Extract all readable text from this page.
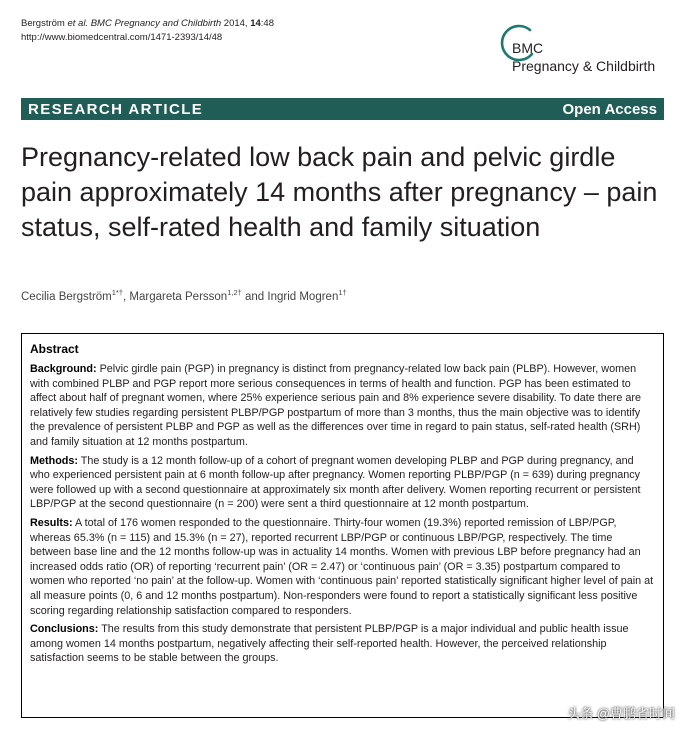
Bergström et al. BMC Pregnancy and Childbirth 2014, 14:48
http://www.biomedcentral.com/1471-2393/14/48
BMC
Pregnancy & Childbirth
RESEARCH ARTICLE	Open Access
Pregnancy-related low back pain and pelvic girdle pain approximately 14 months after pregnancy – pain status, self-rated health and family situation
Cecilia Bergström$^{1*\dagger}$, Margareta Persson$^{1,2\dagger}$ and Ingrid Mogren$^{1\dagger}$
Abstract

Background: Pelvic girdle pain (PGP) in pregnancy is distinct from pregnancy-related low back pain (PLBP). However, women with combined PLBP and PGP report more serious consequences in terms of health and function. PGP has been estimated to affect about half of pregnant women, where 25% experience serious pain and 8% experience severe disability. To date there are relatively few studies regarding persistent PLBP/PGP postpartum of more than 3 months, thus the main objective was to identify the prevalence of persistent PLBP and PGP as well as the differences over time in regard to pain status, self-rated health (SRH) and family situation at 12 months postpartum.

Methods: The study is a 12 month follow-up of a cohort of pregnant women developing PLBP and PGP during pregnancy, and who experienced persistent pain at 6 month follow-up after pregnancy. Women reporting PLBP/PGP (n = 639) during pregnancy were followed up with a second questionnaire at approximately six month after delivery. Women reporting recurrent or persistent LBP/PGP at the second questionnaire (n = 200) were sent a third questionnaire at 12 month postpartum.

Results: A total of 176 women responded to the questionnaire. Thirty-four women (19.3%) reported remission of LBP/PGP, whereas 65.3% (n = 115) and 15.3% (n = 27), reported recurrent LBP/PGP or continuous LBP/PGP, respectively. The time between base line and the 12 months follow-up was in actuality 14 months. Women with previous LBP before pregnancy had an increased odds ratio (OR) of reporting ‘recurrent pain’ (OR = 2.47) or ‘continuous pain’ (OR = 3.35) postpartum compared to women who reported ‘no pain’ at the follow-up. Women with ‘continuous pain’ reported statistically significant higher level of pain at all measure points (0, 6 and 12 months postpartum). Non-responders were found to report a statistically significant less positive scoring regarding relationship satisfaction compared to responders.

Conclusions: The results from this study demonstrate that persistent PLBP/PGP is a major individual and public health issue among women 14 months postpartum, negatively affecting their self-reported health. However, the perceived relationship satisfaction seems to be stable between the groups.

头条 @曹鹏省时间
